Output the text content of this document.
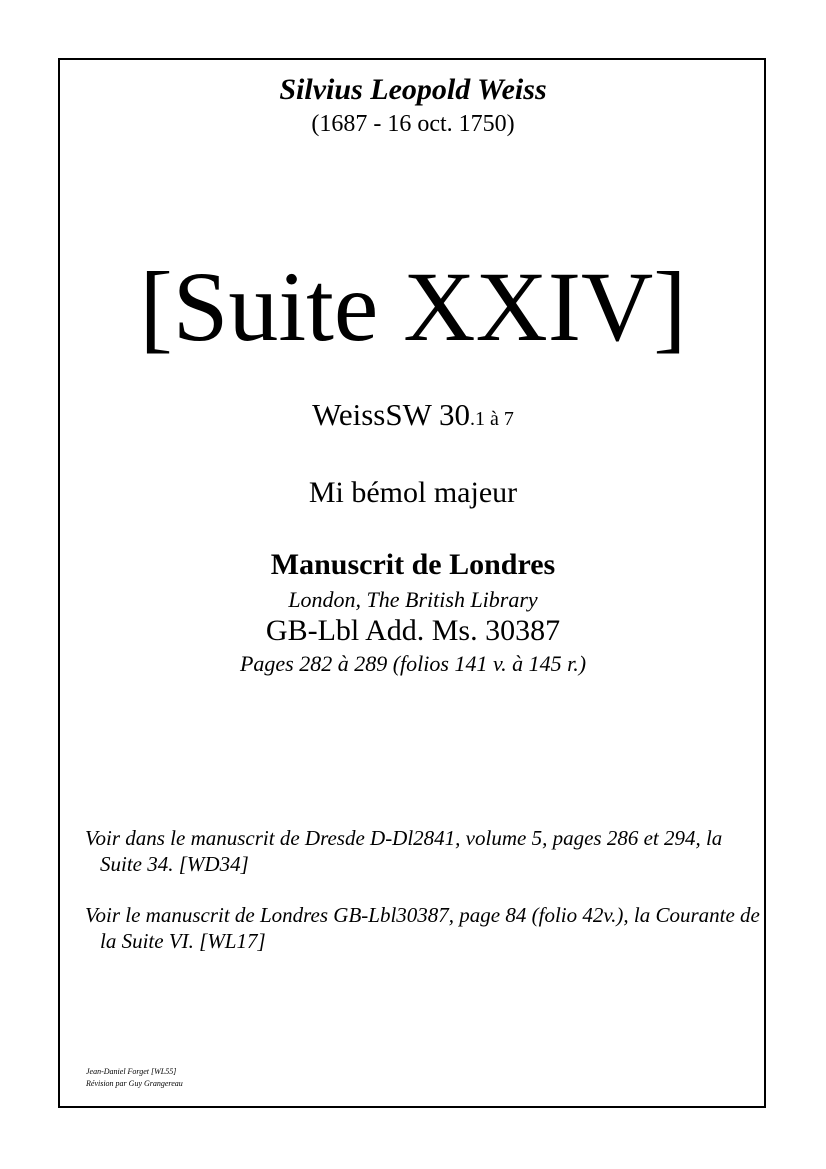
Silvius Leopold Weiss
(1687 - 16 oct. 1750)
[Suite XXIV]
WeissSW 30.1 à 7
Mi bémol majeur
Manuscrit de Londres
London, The British Library
GB-Lbl Add. Ms. 30387
Pages 282 à 289 (folios 141 v. à 145 r.)
Voir dans le manuscrit de Dresde D-Dl2841, volume 5, pages 286 et 294, la Suite 34. [WD34]
Voir le manuscrit de Londres GB-Lbl30387, page 84 (folio 42v.), la Courante de la Suite VI. [WL17]
Jean-Daniel Forget [WL55]
Révision par Guy Grangereau
